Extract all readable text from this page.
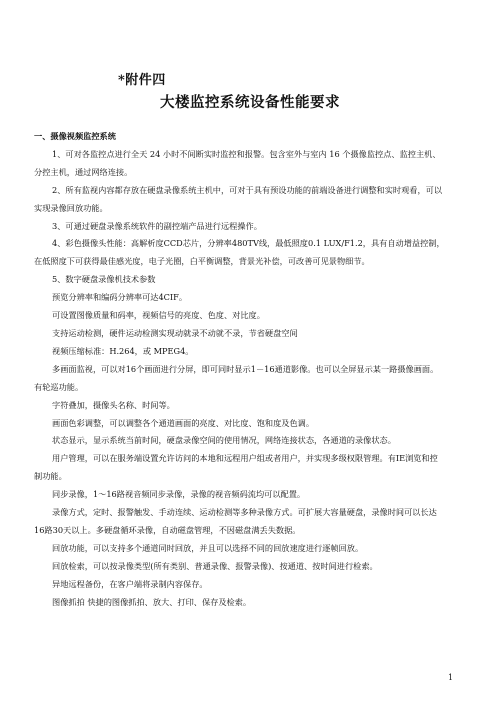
*附件四
大楼监控系统设备性能要求

一、摄像视频监控系统

1、可对各监控点进行全天 24 小时不间断实时监控和报警。包含室外与室内 16 个摄像监控点、监控主机、分控主机，通过网络连接。

2、所有监视内容都存放在硬盘录像系统主机中，可对于具有预设功能的前端设备进行调整和实时观看，可以实现录像回放功能。

3、可通过硬盘录像系统软件的副控端产品进行远程操作。

4、彩色摄像头性能：高解析度CCD芯片，分辨率480TV线，最低照度0.1 LUX/F1.2，具有自动增益控制，在低照度下可获得最佳感光度，电子光圈，白平衡调整，背景光补偿，可改善可见景物细节。

5、数字硬盘录像机技术参数

预览分辨率和编码分辨率可达4CIF。

可设置图像质量和码率，视频信号的亮度、色度、对比度。

支持运动检测，硬件运动检测实现动就录不动就不录，节省硬盘空间

视频压缩标准：H.264，或 MPEG4。

多画面监视，可以对16个画面进行分屏，即可同时显示1－16通道影像。也可以全屏显示某一路摄像画面。有轮巡功能。

字符叠加，摄像头名称、时间等。

画面色彩调整，可以调整各个通道画面的亮度、对比度、饱和度及色调。

状态显示，显示系统当前时间，硬盘录像空间的使用情况，网络连接状态，各通道的录像状态。

用户管理，可以在服务端设置允许访问的本地和远程用户组或者用户，并实现多级权限管理。有IE浏览和控制功能。

同步录像，1～16路视音频同步录像，录像的视音频码流均可以配置。

录像方式，定时、报警触发、手动连续、运动检测等多种录像方式。可扩展大容量硬盘，录像时间可以长达16路30天以上。多硬盘循环录像，自动磁盘管理，不因磁盘满丢失数据。

回放功能，可以支持多个通道同时回放，并且可以选择不同的回放速度进行逐帧回放。

回放检索，可以按录像类型(所有类别、普通录像、报警录像)、按通道、按时间进行检索。

异地远程备份，在客户端将录制内容保存。

图像抓拍 快捷的图像抓拍、放大、打印、保存及检索。

1
